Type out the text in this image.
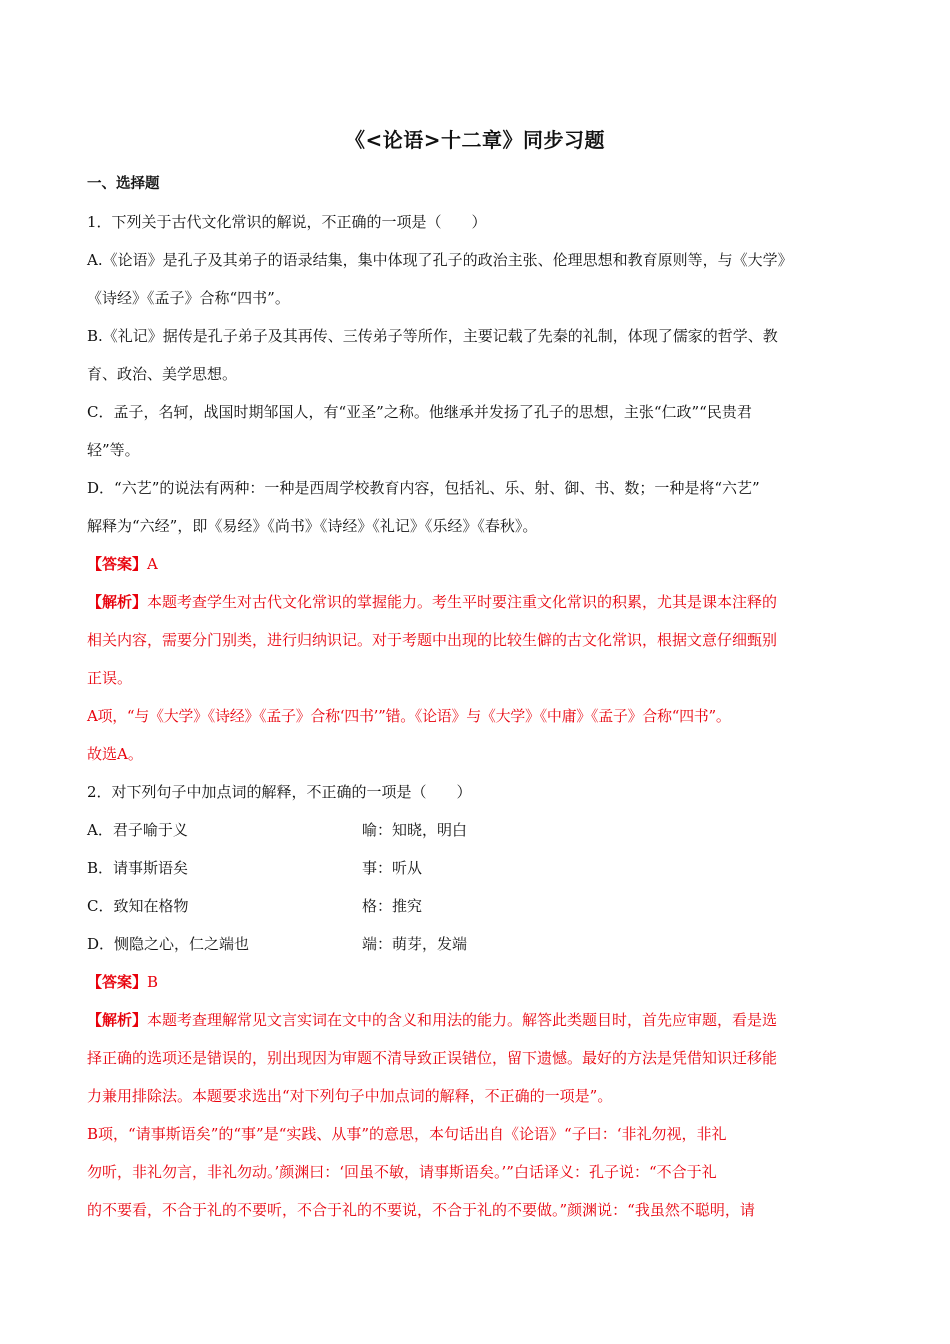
《<论语>十二章》同步习题
一、选择题
1．下列关于古代文化常识的解说，不正确的一项是（　　）
A.《论语》是孔子及其弟子的语录结集，集中体现了孔子的政治主张、伦理思想和教育原则等，与《大学》
《诗经》《孟子》合称“四书”。
B.《礼记》据传是孔子弟子及其再传、三传弟子等所作，主要记载了先秦的礼制，体现了儒家的哲学、教
育、政治、美学思想。
C．孟子，名轲，战国时期邹国人，有“亚圣”之称。他继承并发扬了孔子的思想，主张“仁政”“民贵君
轻”等。
D．“六艺”的说法有两种：一种是西周学校教育内容，包括礼、乐、射、御、书、数；一种是将“六艺”
解释为“六经”，即《易经》《尚书》《诗经》《礼记》《乐经》《春秋》。
【答案】A
【解析】本题考查学生对古代文化常识的掌握能力。考生平时要注重文化常识的积累，尤其是课本注释的
相关内容，需要分门别类，进行归纳识记。对于考题中出现的比较生僻的古文化常识，根据文意仔细甄别
正误。
A项，“与《大学》《诗经》《孟子》合称‘四书’”错。《论语》与《大学》《中庸》《孟子》合称“四书”。
故选A。
2．对下列句子中加点词的解释，不正确的一项是（　　）
A．君子喻于义	喻：知晓，明白
B．请事斯语矣	事：听从
C．致知在格物	格：推究
D．恻隐之心，仁之端也	端：萌芽，发端
【答案】B
【解析】本题考查理解常见文言实词在文中的含义和用法的能力。解答此类题目时，首先应审题，看是选
择正确的选项还是错误的，别出现因为审题不清导致正误错位，留下遗憾。最好的方法是凭借知识迁移能
力兼用排除法。本题要求选出“对下列句子中加点词的解释，不正确的一项是”。
B项，“请事斯语矣”的“事”是“实践、从事”的意思，本句话出自《论语》“子曰：‘非礼勿视，非礼
勿听，非礼勿言，非礼勿动。’颜渊曰：‘回虽不敏，请事斯语矣。’”白话译义：孔子说：“不合于礼
的不要看，不合于礼的不要听，不合于礼的不要说，不合于礼的不要做。”颜渊说：“我虽然不聪明，请
